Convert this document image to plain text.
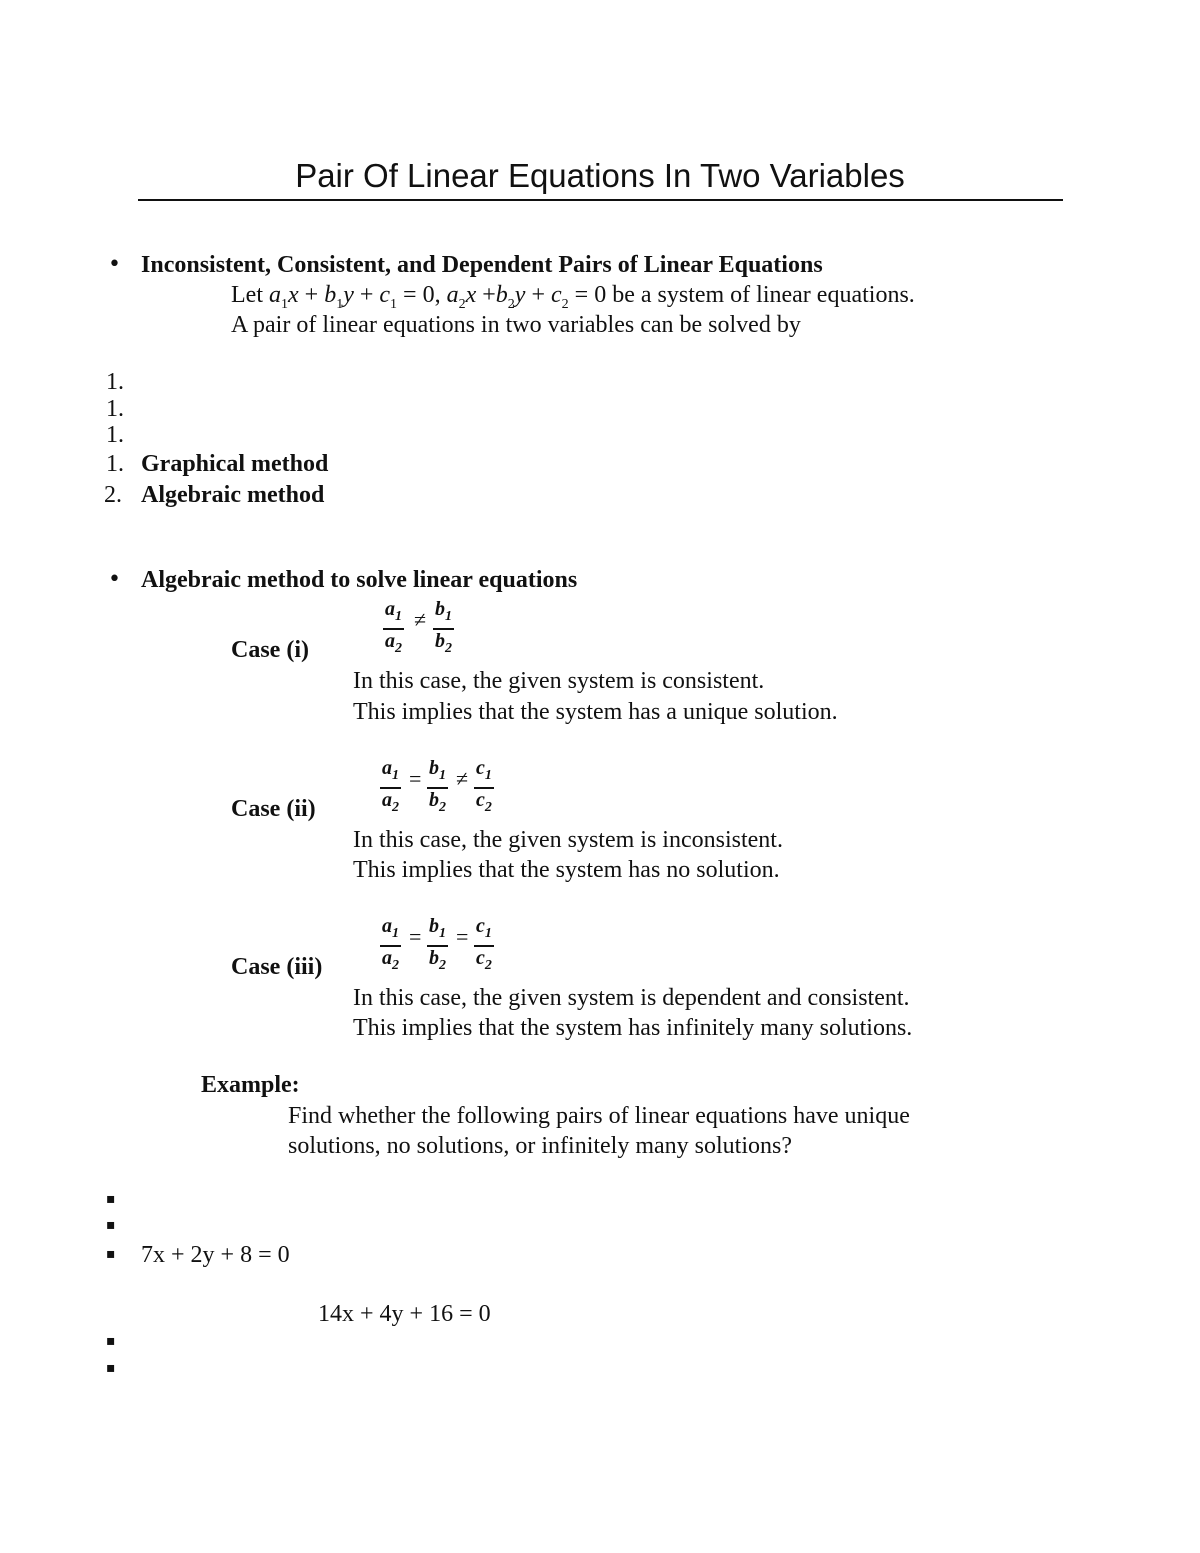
Pair Of Linear Equations In Two Variables
• Inconsistent, Consistent, and Dependent Pairs of Linear Equations
Let $a_1x + b_1y + c_1 = 0$, $a_2x +b_2y + c_2 = 0$ be a system of linear equations.
A pair of linear equations in two variables can be solved by
1.
1.
1.
1. Graphical method
2. Algebraic method
• Algebraic method to solve linear equations
$\frac{a_1}{a_2} \ne \frac{b_1}{b_2}$
Case (i)
In this case, the given system is consistent.
This implies that the system has a unique solution.
$\frac{a_1}{a_2} = \frac{b_1}{b_2} \ne \frac{c_1}{c_2}$
Case (ii)
In this case, the given system is inconsistent.
This implies that the system has no solution.
$\frac{a_1}{a_2} = \frac{b_1}{b_2} = \frac{c_1}{c_2}$
Case (iii)
In this case, the given system is dependent and consistent.
This implies that the system has infinitely many solutions.
Example:
Find whether the following pairs of linear equations have unique
solutions, no solutions, or infinitely many solutions?
▪
▪
▪ 7x + 2y + 8 = 0
14x + 4y + 16 = 0
▪
▪
